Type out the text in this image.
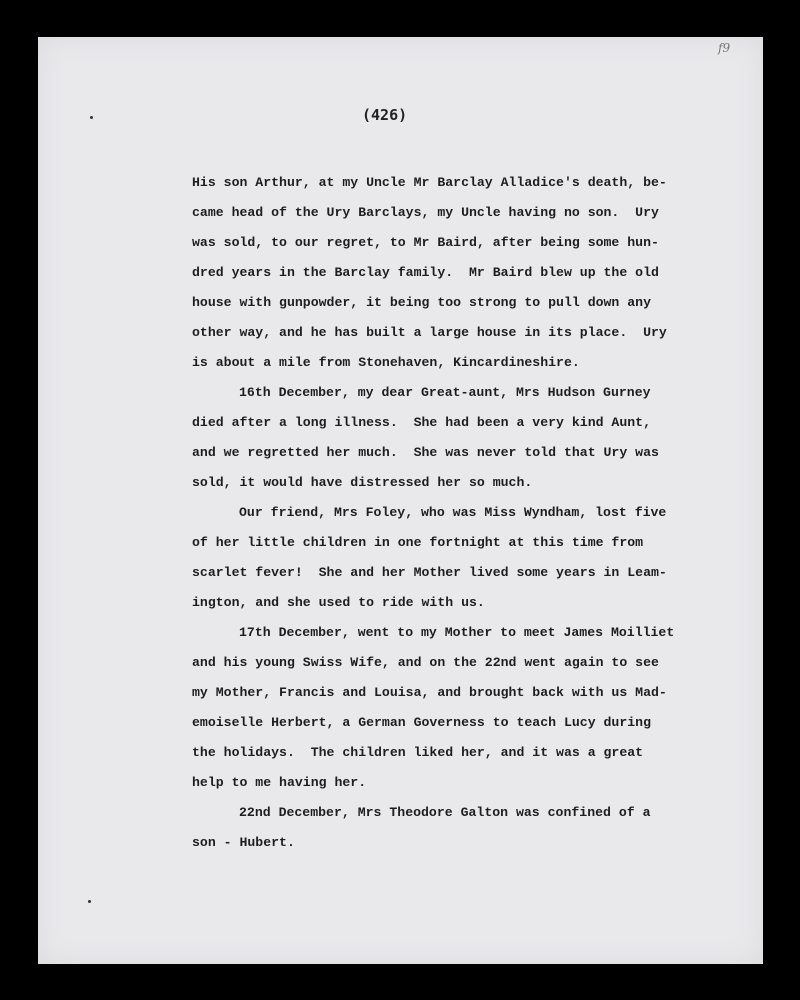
f9
(426)
His son Arthur, at my Uncle Mr Barclay Alladice's death, be-
came head of the Ury Barclays, my Uncle having no son.  Ury
was sold, to our regret, to Mr Baird, after being some hun-
dred years in the Barclay family.  Mr Baird blew up the old
house with gunpowder, it being too strong to pull down any
other way, and he has built a large house in its place.  Ury
is about a mile from Stonehaven, Kincardineshire.
16th December, my dear Great-aunt, Mrs Hudson Gurney
died after a long illness.  She had been a very kind Aunt,
and we regretted her much.  She was never told that Ury was
sold, it would have distressed her so much.
Our friend, Mrs Foley, who was Miss Wyndham, lost five
of her little children in one fortnight at this time from
scarlet fever!  She and her Mother lived some years in Leam-
ington, and she used to ride with us.
17th December, went to my Mother to meet James Moilliet
and his young Swiss Wife, and on the 22nd went again to see
my Mother, Francis and Louisa, and brought back with us Mad-
emoiselle Herbert, a German Governess to teach Lucy during
the holidays.  The children liked her, and it was a great
help to me having her.
22nd December, Mrs Theodore Galton was confined of a
son - Hubert.
